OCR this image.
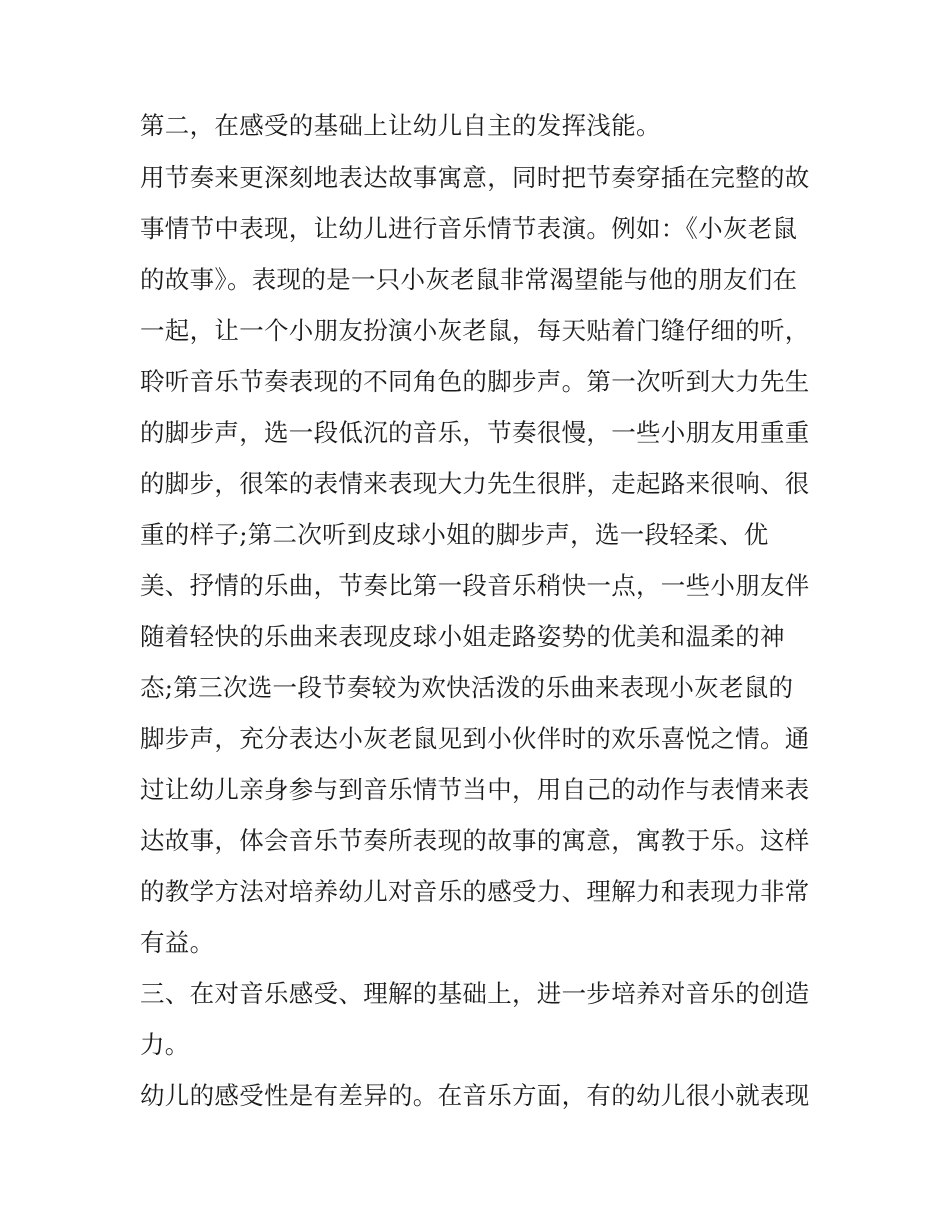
第二，在感受的基础上让幼儿自主的发挥浅能。
用节奏来更深刻地表达故事寓意，同时把节奏穿插在完整的故
事情节中表现，让幼儿进行音乐情节表演。例如：《小灰老鼠
的故事》。表现的是一只小灰老鼠非常渴望能与他的朋友们在
一起，让一个小朋友扮演小灰老鼠，每天贴着门缝仔细的听，
聆听音乐节奏表现的不同角色的脚步声。第一次听到大力先生
的脚步声，选一段低沉的音乐，节奏很慢，一些小朋友用重重
的脚步，很笨的表情来表现大力先生很胖，走起路来很响、很
重的样子;第二次听到皮球小姐的脚步声，选一段轻柔、优
美、抒情的乐曲，节奏比第一段音乐稍快一点，一些小朋友伴
随着轻快的乐曲来表现皮球小姐走路姿势的优美和温柔的神
态;第三次选一段节奏较为欢快活泼的乐曲来表现小灰老鼠的
脚步声，充分表达小灰老鼠见到小伙伴时的欢乐喜悦之情。通
过让幼儿亲身参与到音乐情节当中，用自己的动作与表情来表
达故事，体会音乐节奏所表现的故事的寓意，寓教于乐。这样
的教学方法对培养幼儿对音乐的感受力、理解力和表现力非常
有益。
三、在对音乐感受、理解的基础上，进一步培养对音乐的创造
力。
幼儿的感受性是有差异的。在音乐方面，有的幼儿很小就表现
